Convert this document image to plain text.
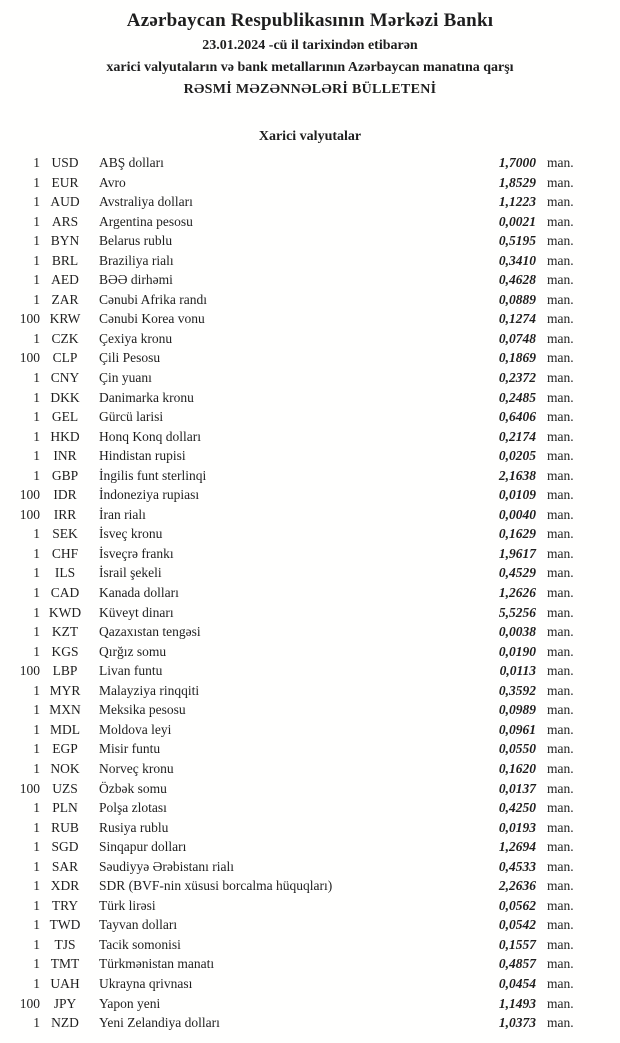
Azərbaycan Respublikasının Mərkəzi Bankı
23.01.2024 -cü il tarixindən etibarən
xarici valyutaların və bank metallarının Azərbaycan manatına qarşı
RƏSMİ MƏZƏNNƏLƏRİ BÜLLETENİ
Xarici valyutalar
1 USD	ABŞ dolları	1,7000 man.
1 EUR	Avro	1,8529 man.
1 AUD	Avstraliya dolları	1,1223 man.
1 ARS	Argentina pesosu	0,0021 man.
1 BYN	Belarus rublu	0,5195 man.
1 BRL	Braziliya rialı	0,3410 man.
1 AED	BƏƏ dirhəmi	0,4628 man.
1 ZAR	Cənubi Afrika randı	0,0889 man.
100 KRW	Cənubi Korea vonu	0,1274 man.
1 CZK	Çexiya kronu	0,0748 man.
100 CLP	Çili Pesosu	0,1869 man.
1 CNY	Çin yuanı	0,2372 man.
1 DKK	Danimarka kronu	0,2485 man.
1 GEL	Gürcü larisi	0,6406 man.
1 HKD	Honq Konq dolları	0,2174 man.
1 INR	Hindistan rupisi	0,0205 man.
1 GBP	İngilis funt sterlinqi	2,1638 man.
100 IDR	İndoneziya rupiası	0,0109 man.
100	IRR	İran rialı	0,0040 man.
1 SEK	İsveç kronu	0,1629 man.
1 CHF	İsveçrə frankı	1,9617 man.
1	ILS	İsrail şekeli	0,4529 man.
1 CAD	Kanada dolları	1,2626 man.
1 KWD	Küveyt dinarı	5,5256 man.
1 KZT	Qazaxıstan tengəsi	0,0038 man.
1 KGS	Qırğız somu	0,0190 man.
100 LBP	Livan funtu	0,0113 man.
1 MYR	Malayziya rinqqiti	0,3592 man.
1 MXN	Meksika pesosu	0,0989 man.
1 MDL	Moldova leyi	0,0961 man.
1 EGP	Misir funtu	0,0550 man.
1 NOK	Norveç kronu	0,1620 man.
100 UZS	Özbək somu	0,0137 man.
1 PLN	Polşa zlotası	0,4250 man.
1 RUB	Rusiya rublu	0,0193 man.
1 SGD	Sinqapur dolları	1,2694 man.
1 SAR	Səudiyyə Ərəbistanı rialı	0,4533 man.
1 XDR	SDR (BVF-nin xüsusi borcalma hüquqları)	2,2636 man.
1 TRY	Türk lirəsi	0,0562 man.
1 TWD	Tayvan dolları	0,0542 man.
1	TJS	Tacik somonisi	0,1557 man.
1 TMT	Türkmənistan manatı	0,4857 man.
1 UAH	Ukrayna qrivnası	0,0454 man.
100	JPY	Yapon yeni	1,1493 man.
1 NZD	Yeni Zelandiya dolları	1,0373 man.
